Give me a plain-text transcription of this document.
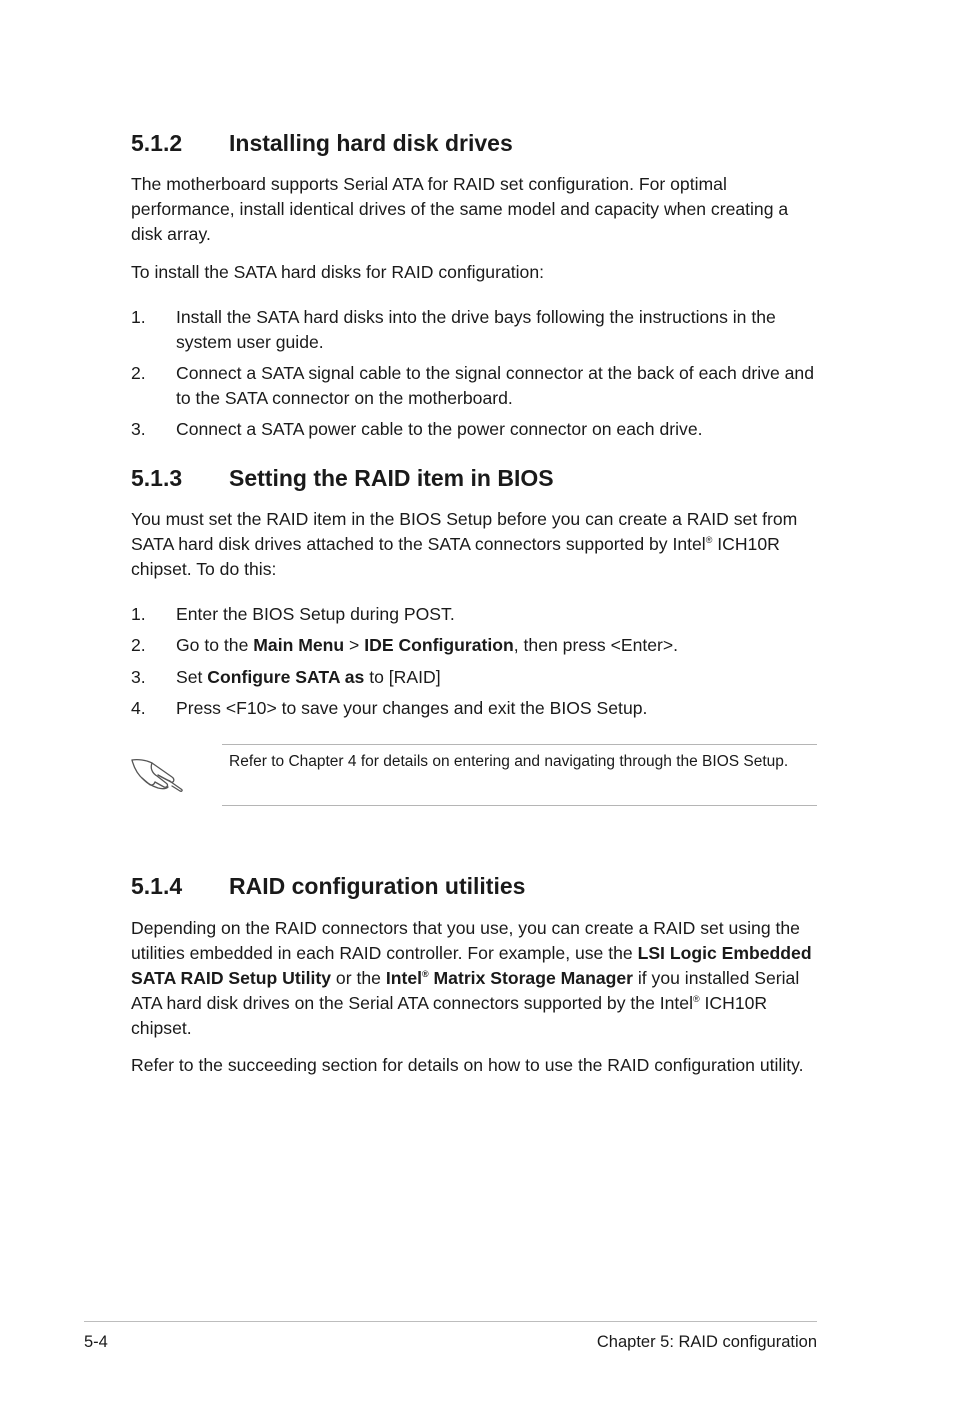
5.1.2 Installing hard disk drives

The motherboard supports Serial ATA for RAID set configuration. For optimal performance, install identical drives of the same model and capacity when creating a disk array.

To install the SATA hard disks for RAID configuration:

1. Install the SATA hard disks into the drive bays following the instructions in the system user guide.
2. Connect a SATA signal cable to the signal connector at the back of each drive and to the SATA connector on the motherboard.
3. Connect a SATA power cable to the power connector on each drive.
5.1.3 Setting the RAID item in BIOS

You must set the RAID item in the BIOS Setup before you can create a RAID set from SATA hard disk drives attached to the SATA connectors supported by Intel® ICH10R chipset. To do this:

1. Enter the BIOS Setup during POST.
2. Go to the Main Menu > IDE Configuration, then press <Enter>.
3. Set Configure SATA as to [RAID]
4. Press <F10> to save your changes and exit the BIOS Setup.
Refer to Chapter 4 for details on entering and navigating through the BIOS Setup.
5.1.4 RAID configuration utilities

Depending on the RAID connectors that you use, you can create a RAID set using the utilities embedded in each RAID controller. For example, use the LSI Logic Embedded SATA RAID Setup Utility or the Intel® Matrix Storage Manager if you installed Serial ATA hard disk drives on the Serial ATA connectors supported by the Intel® ICH10R chipset.

Refer to the succeeding section for details on how to use the RAID configuration utility.

5-4	Chapter 5: RAID configuration
